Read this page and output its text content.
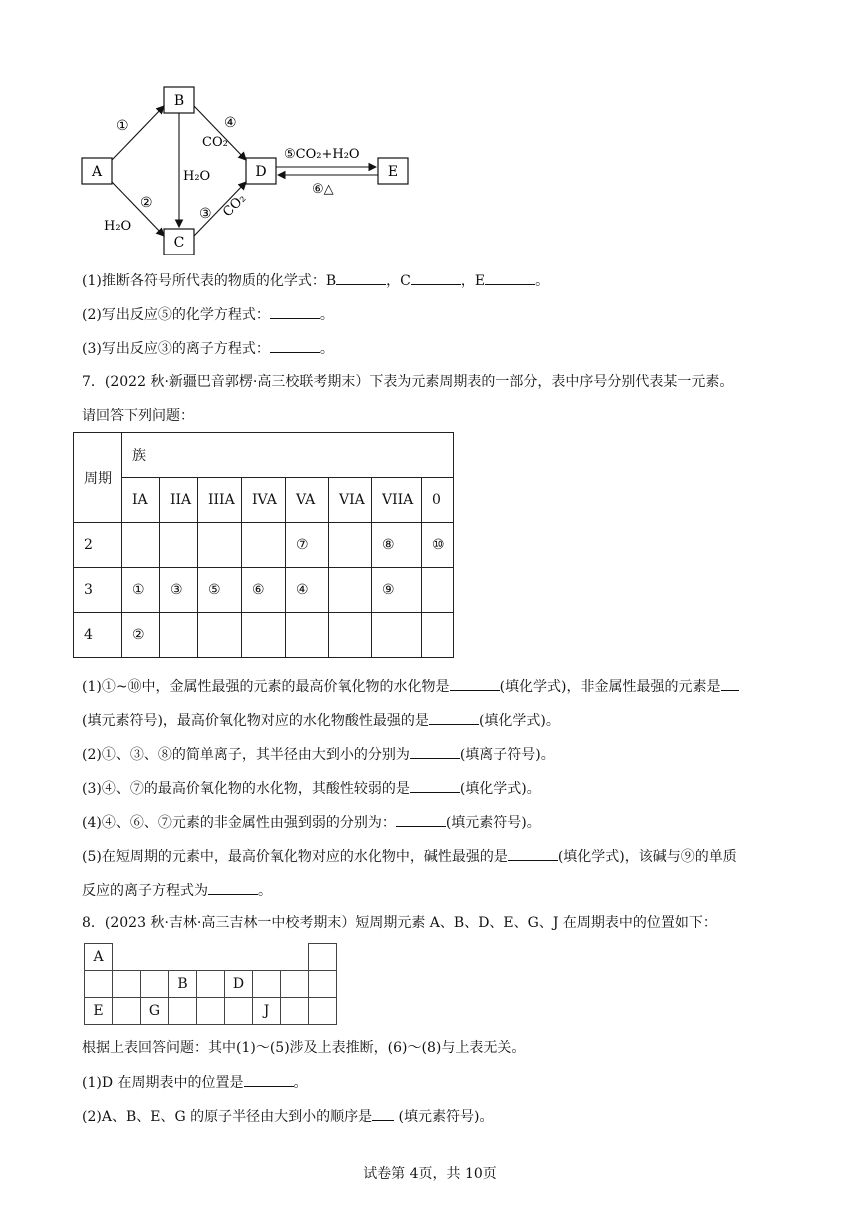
A
B
C
D	E
①
②
H₂O
④
CO₂
H₂O
③ CO₂
⑤CO₂+H₂O
⑥△
(1)推断各符号所代表的物质的化学式：B	，C	，E	。
(2)写出反应⑤的化学方程式：	。
(3)写出反应③的离子方程式：	。
7．(2022 秋·新疆巴音郭楞·高三校联考期末）下表为元素周期表的一部分，表中序号分别代表某一元素。
请回答下列问题：
周期	族							
	IA	IIA	IIIA	IVA	VA	VIA	VIIA	0
2					⑦		⑧	⑩
3	①	③	⑤	⑥	④		⑨	
4	②							
(1)①~⑩中，金属性最强的元素的最高价氧化物的水化物是	(填化学式)，非金属性最强的元素是
(填元素符号)，最高价氧化物对应的水化物酸性最强的是	(填化学式)。
(2)①、③、⑧的简单离子，其半径由大到小的分别为	(填离子符号)。
(3)④、⑦的最高价氧化物的水化物，其酸性较弱的是	(填化学式)。
(4)④、⑥、⑦元素的非金属性由强到弱的分别为：	(填元素符号)。
(5)在短周期的元素中，最高价氧化物对应的水化物中，碱性最强的是	(填化学式)，该碱与⑨的单质
反应的离子方程式为	。
8．(2023 秋·吉林·高三吉林一中校考期末）短周期元素 A、B、D、E、G、J 在周期表中的位置如下：
A								
			B		D			
E		G				J		
根据上表回答问题：其中(1)～(5)涉及上表推断，(6)～(8)与上表无关。
(1)D 在周期表中的位置是	。
(2)A、B、E、G 的原子半径由大到小的顺序是 (填元素符号)。
试卷第 4页，共 10页
